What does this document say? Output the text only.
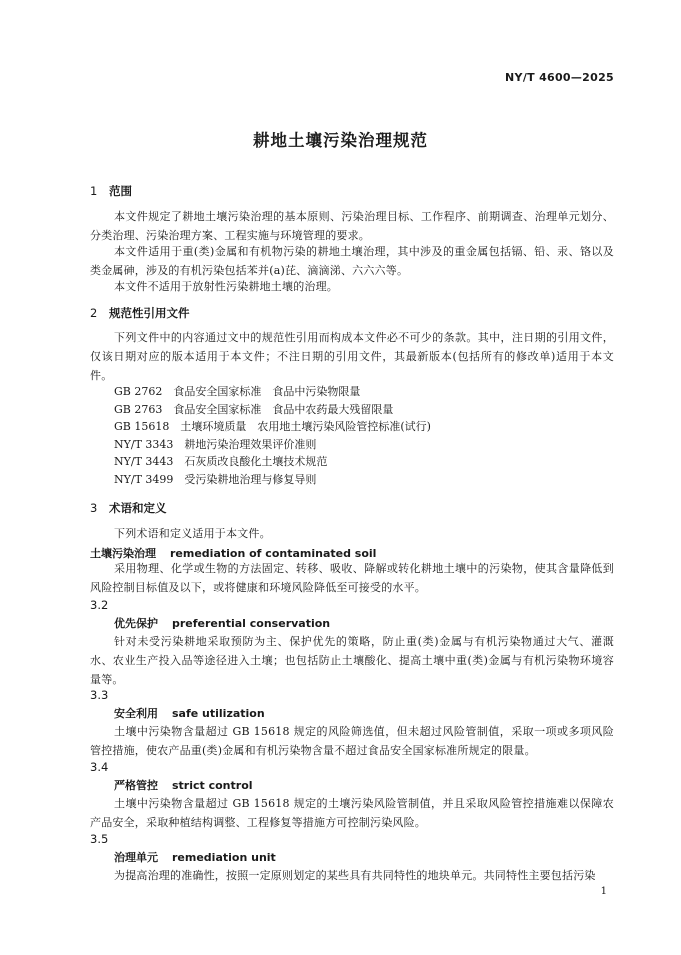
NY/T 4600—2025
耕地土壤污染治理规范
1 范围
本文件规定了耕地土壤污染治理的基本原则、污染治理目标、工作程序、前期调查、治理单元划分、分类治理、污染治理方案、工程实施与环境管理的要求。
本文件适用于重(类)金属和有机物污染的耕地土壤治理，其中涉及的重金属包括镉、铅、汞、铬以及类金属砷，涉及的有机污染包括苯并(a)芘、滴滴涕、六六六等。
本文件不适用于放射性污染耕地土壤的治理。
2 规范性引用文件
下列文件中的内容通过文中的规范性引用而构成本文件必不可少的条款。其中，注日期的引用文件，仅该日期对应的版本适用于本文件；不注日期的引用文件，其最新版本(包括所有的修改单)适用于本文件。
GB 2762　食品安全国家标准　食品中污染物限量
GB 2763　食品安全国家标准　食品中农药最大残留限量
GB 15618　土壤环境质量　农用地土壤污染风险管控标准(试行)
NY/T 3343　耕地污染治理效果评价准则
NY/T 3443　石灰质改良酸化土壤技术规范
NY/T 3499　受污染耕地治理与修复导则
3 术语和定义
下列术语和定义适用于本文件。
土壤污染治理 remediation of contaminated soil
采用物理、化学或生物的方法固定、转移、吸收、降解或转化耕地土壤中的污染物，使其含量降低到风险控制目标值及以下，或将健康和环境风险降低至可接受的水平。
3.2
优先保护 preferential conservation
针对未受污染耕地采取预防为主、保护优先的策略，防止重(类)金属与有机污染物通过大气、灌溉水、农业生产投入品等途径进入土壤；也包括防止土壤酸化、提高土壤中重(类)金属与有机污染物环境容量等。
3.3
安全利用 safe utilization
土壤中污染物含量超过 GB 15618 规定的风险筛选值，但未超过风险管制值，采取一项或多项风险管控措施，使农产品重(类)金属和有机污染物含量不超过食品安全国家标准所规定的限量。
3.4
严格管控 strict control
土壤中污染物含量超过 GB 15618 规定的土壤污染风险管制值，并且采取风险管控措施难以保障农产品安全，采取种植结构调整、工程修复等措施方可控制污染风险。
3.5
治理单元 remediation unit
为提高治理的准确性，按照一定原则划定的某些具有共同特性的地块单元。共同特性主要包括污染
1
